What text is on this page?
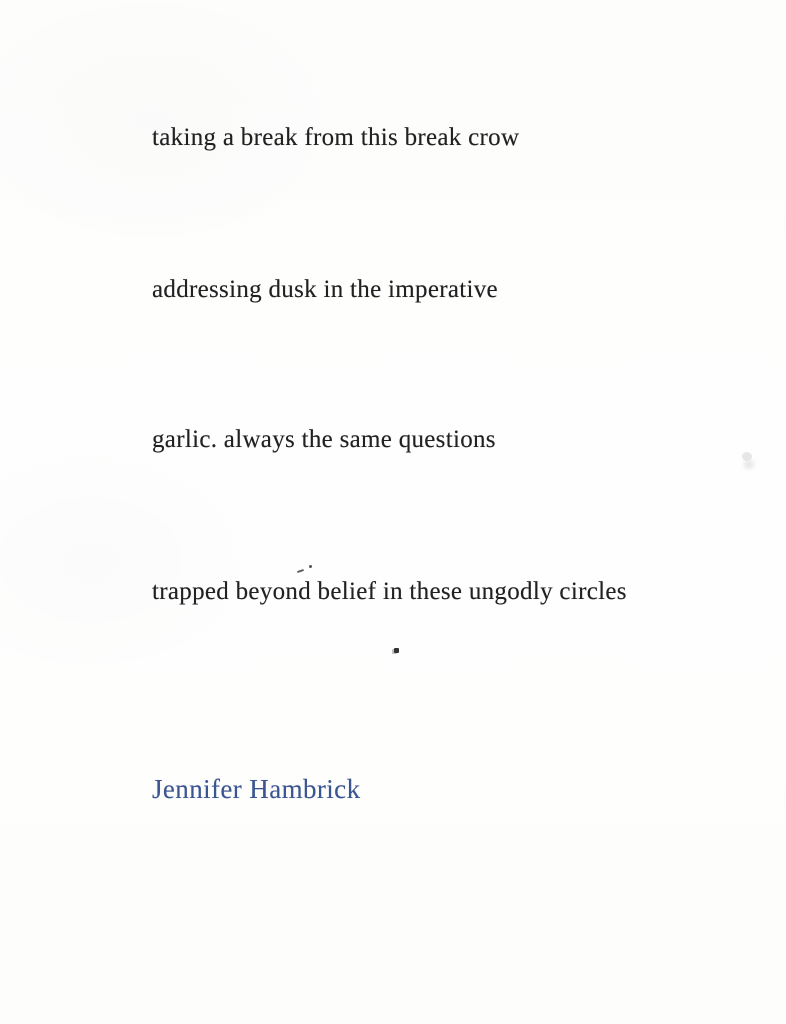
taking a break from this break crow
addressing dusk in the imperative
garlic. always the same questions
trapped beyond belief in these ungodly circles
Jennifer Hambrick
